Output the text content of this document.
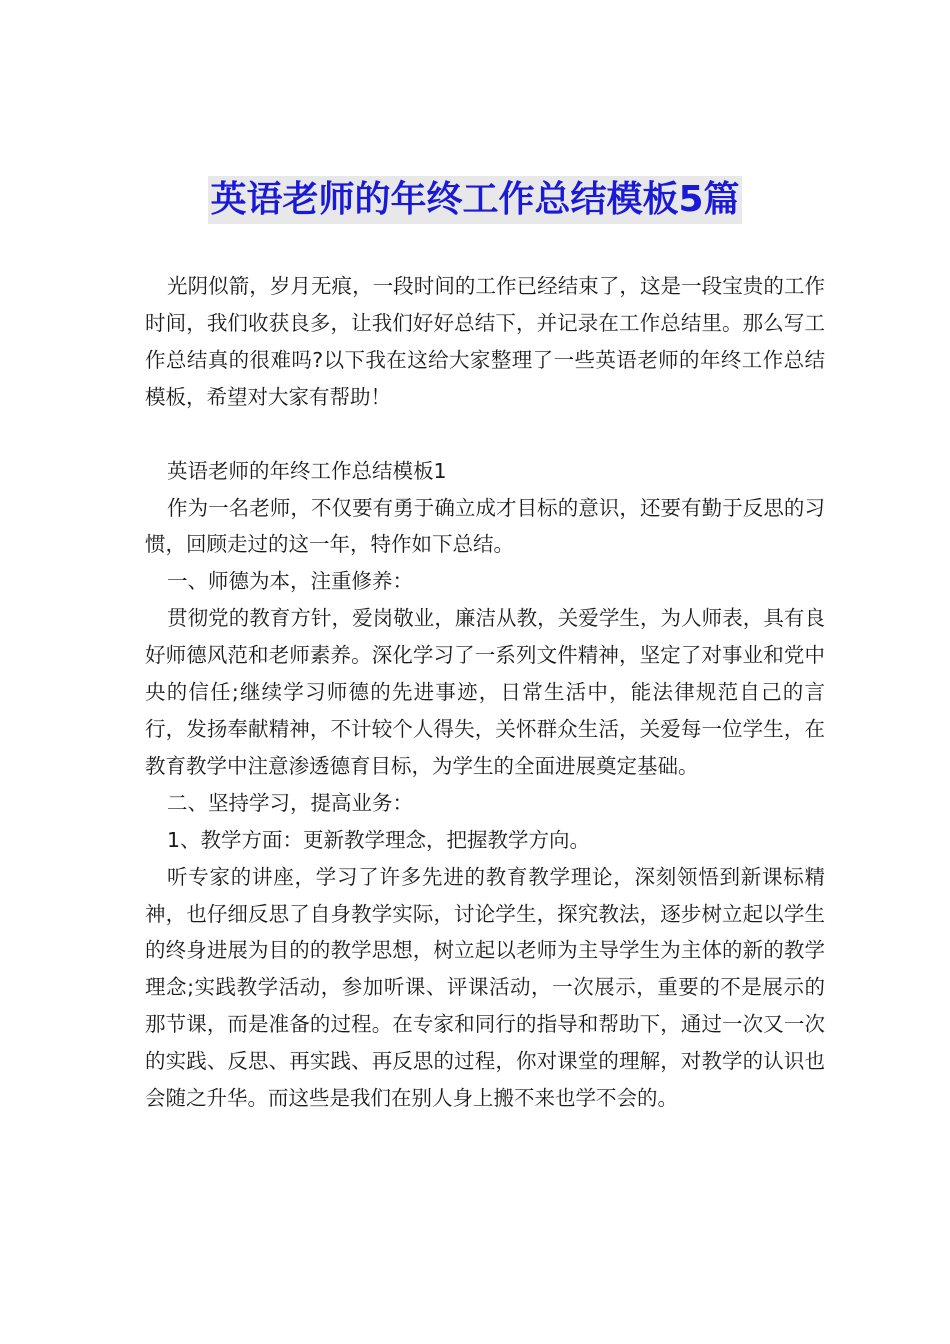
英语老师的年终工作总结模板5篇

光阴似箭，岁月无痕，一段时间的工作已经结束了，这是一段宝贵的工作时间，我们收获良多，让我们好好总结下，并记录在工作总结里。那么写工作总结真的很难吗?以下我在这给大家整理了一些英语老师的年终工作总结模板，希望对大家有帮助！

英语老师的年终工作总结模板1

作为一名老师，不仅要有勇于确立成才目标的意识，还要有勤于反思的习惯，回顾走过的这一年，特作如下总结。

一、师德为本，注重修养：

贯彻党的教育方针，爱岗敬业，廉洁从教，关爱学生，为人师表，具有良好师德风范和老师素养。深化学习了一系列文件精神，坚定了对事业和党中央的信任;继续学习师德的先进事迹，日常生活中，能法律规范自己的言行，发扬奉献精神，不计较个人得失，关怀群众生活，关爱每一位学生，在教育教学中注意渗透德育目标，为学生的全面进展奠定基础。

二、坚持学习，提高业务：

1、教学方面：更新教学理念，把握教学方向。

听专家的讲座，学习了许多先进的教育教学理论，深刻领悟到新课标精神，也仔细反思了自身教学实际，讨论学生，探究教法，逐步树立起以学生的终身进展为目的的教学思想，树立起以老师为主导学生为主体的新的教学理念;实践教学活动，参加听课、评课活动，一次展示，重要的不是展示的那节课，而是准备的过程。在专家和同行的指导和帮助下，通过一次又一次的实践、反思、再实践、再反思的过程，你对课堂的理解，对教学的认识也会随之升华。而这些是我们在别人身上搬不来也学不会的。
